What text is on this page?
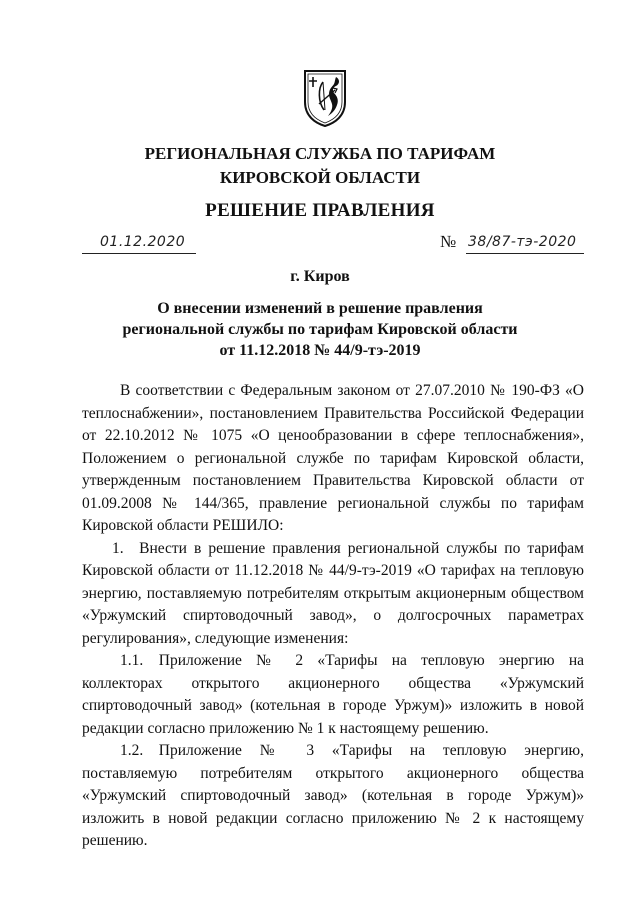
РЕГИОНАЛЬНАЯ СЛУЖБА ПО ТАРИФАМ
КИРОВСКОЙ ОБЛАСТИ
РЕШЕНИЕ ПРАВЛЕНИЯ
01.12.2020	№ 38/87-тэ-2020
г. Киров
О внесении изменений в решение правления
региональной службы по тарифам Кировской области
от 11.12.2018 № 44/9-тэ-2019

В соответствии с Федеральным законом от 27.07.2010 № 190-ФЗ «О теплоснабжении», постановлением Правительства Российской Федерации от 22.10.2012 № 1075 «О ценообразовании в сфере теплоснабжения», Положением о региональной службе по тарифам Кировской области, утвержденным постановлением Правительства Кировской области от 01.09.2008 № 144/365, правление региональной службы по тарифам Кировской области РЕШИЛО:

1. Внести в решение правления региональной службы по тарифам Кировской области от 11.12.2018 № 44/9-тэ-2019 «О тарифах на тепловую энергию, поставляемую потребителям открытым акционерным обществом «Уржумский спиртоводочный завод», о долгосрочных параметрах регулирования», следующие изменения:

1.1. Приложение № 2 «Тарифы на тепловую энергию на коллекторах открытого акционерного общества «Уржумский спиртоводочный завод» (котельная в городе Уржум)» изложить в новой редакции согласно приложению № 1 к настоящему решению.

1.2. Приложение № 3 «Тарифы на тепловую энергию, поставляемую потребителям открытого акционерного общества «Уржумский спиртоводочный завод» (котельная в городе Уржум)» изложить в новой редакции согласно приложению № 2 к настоящему решению.
